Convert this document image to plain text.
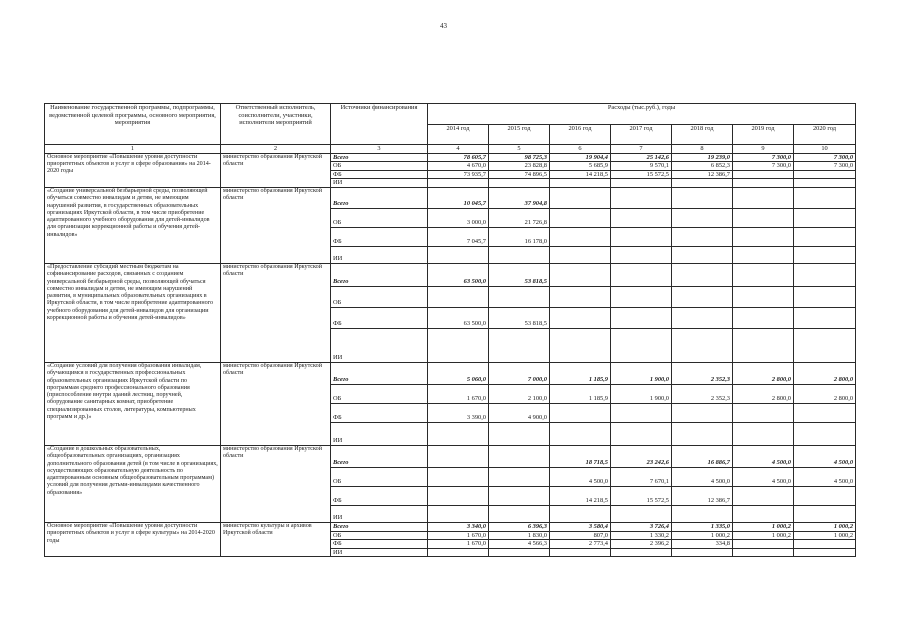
43
Наименование государственной программы, подпрограммы, ведомственной целевой программы, основного мероприятия, мероприятия	Ответственный исполнитель, соисполнители, участники, исполнители мероприятий	Источники финансирования	Расходы (тыс.руб.), годы						
			2014 год	2015 год	2016 год	2017 год	2018 год	2019 год	2020 год
1	2	3	4	5	6	7	8	9	10
Основное мероприятие «Повышение уровня доступности приоритетных объектов и услуг в сфере образования» на 2014-2020 годы	министерство образования Иркутской области	Всего	78 605,7	98 725,3	19 904,4	25 142,6	19 239,0	7 300,0	7 300,0
		ОБ	4 670,0	23 828,8	5 685,9	9 570,1	6 852,3	7 300,0	7 300,0
		ФБ	73 935,7	74 896,5	14 218,5	15 572,5	12 386,7		
		ИИ							
«Создание универсальной безбарьерной среды, позволяющей обучаться совместно инвалидам и детям, не имеющим нарушений развития, в государственных образовательных организациях Иркутской области, в том числе приобретение адаптированного учебного оборудования для детей-инвалидов для организации коррекционной работы и обучения детей-инвалидов»	министерство образования Иркутской области	Всего	10 045,7	37 904,8					
		ОБ	3 000,0	21 726,8					
		ФБ	7 045,7	16 178,0					
		ИИ							
«Предоставление субсидий местным бюджетам на софинансирование расходов, связанных с созданием универсальной безбарьерной среды, позволяющей обучаться совместно инвалидам и детям, не имеющим нарушений развития, в муниципальных образовательных организациях в Иркутской области, в том числе приобретение адаптированного учебного оборудования для детей-инвалидов для организации коррекционной работы и обучения детей-инвалидов»	министерство образования Иркутской области	Всего	63 500,0	53 818,5					
		ОБ							
		ФБ	63 500,0	53 818,5					
		ИИ							
«Создание условий для получения образования инвалидам, обучающимся в государственных профессиональных образовательных организациях Иркутской области по программам среднего профессионального образования (приспособление внутри зданий лестниц, поручней, оборудование санитарных комнат, приобретение специализированных столов, литературы, компьютерных программ и др.)»	министерство образования Иркутской области	Всего	5 060,0	7 000,0	1 185,9	1 900,0	2 352,3	2 800,0	2 800,0
		ОБ	1 670,0	2 100,0	1 185,9	1 900,0	2 352,3	2 800,0	2 800,0
		ФБ	3 390,0	4 900,0					
		ИИ							
«Создание в дошкольных образовательных, общеобразовательных организациях, организациях дополнительного образования детей (в том числе в организациях, осуществляющих образовательную деятельность по адаптированным основным общеобразовательным программам) условий для получения детьми-инвалидами качественного образования»	министерство образования Иркутской области	Всего			18 718,5	23 242,6	16 886,7	4 500,0	4 500,0
		ОБ			4 500,0	7 670,1	4 500,0	4 500,0	4 500,0
		ФБ			14 218,5	15 572,5	12 386,7		
		ИИ							
Основное мероприятие «Повышение уровня доступности приоритетных объектов и услуг в сфере культуры» на 2014-2020 годы	министерство культуры и архивов Иркутской области	Всего	3 340,0	6 396,3	3 580,4	3 726,4	1 335,0	1 000,2	1 000,2
		ОБ	1 670,0	1 830,0	807,0	1 330,2	1 000,2	1 000,2	1 000,2
		ФБ	1 670,0	4 566,3	2 773,4	2 396,2	334,8		
		ИИ							
